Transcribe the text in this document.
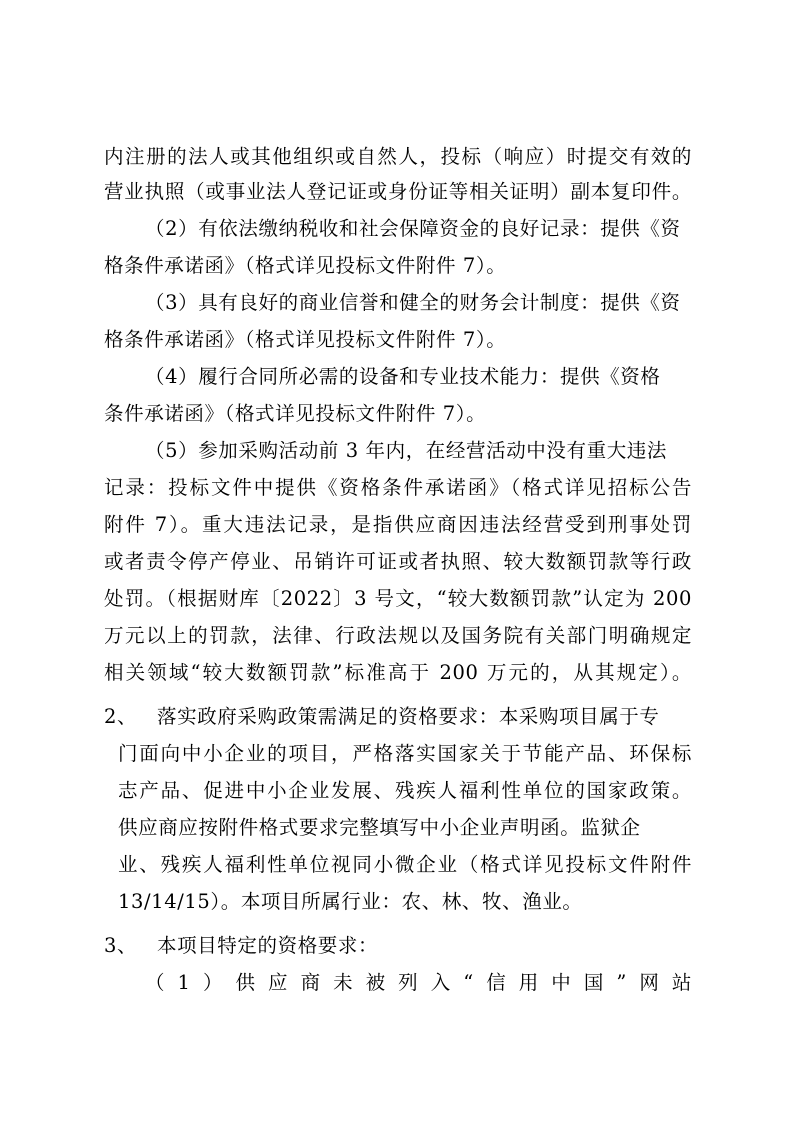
内注册的法人或其他组织或自然人，投标（响应）时提交有效的
营业执照（或事业法人登记证或身份证等相关证明）副本复印件。
（2）有依法缴纳税收和社会保障资金的良好记录：提供《资
格条件承诺函》（格式详见投标文件附件 7）。
（3）具有良好的商业信誉和健全的财务会计制度：提供《资
格条件承诺函》（格式详见投标文件附件 7）。
（4）履行合同所必需的设备和专业技术能力：提供《资格
条件承诺函》（格式详见投标文件附件 7）。
（5）参加采购活动前 3 年内，在经营活动中没有重大违法
记录：投标文件中提供《资格条件承诺函》（格式详见招标公告
附件 7）。重大违法记录，是指供应商因违法经营受到刑事处罚
或者责令停产停业、吊销许可证或者执照、较大数额罚款等行政
处罚。（根据财库〔2022〕3 号文，“较大数额罚款”认定为 200
万元以上的罚款，法律、行政法规以及国务院有关部门明确规定
相关领域“较大数额罚款”标准高于 200 万元的，从其规定）。
2、 落实政府采购政策需满足的资格要求：本采购项目属于专
门面向中小企业的项目，严格落实国家关于节能产品、环保标
志产品、促进中小企业发展、残疾人福利性单位的国家政策。
供应商应按附件格式要求完整填写中小企业声明函。监狱企
业、残疾人福利性单位视同小微企业（格式详见投标文件附件
13/14/15）。本项目所属行业：农、林、牧、渔业。
3、 本项目特定的资格要求：
（1）供应商未被列入“信用中国”网站
